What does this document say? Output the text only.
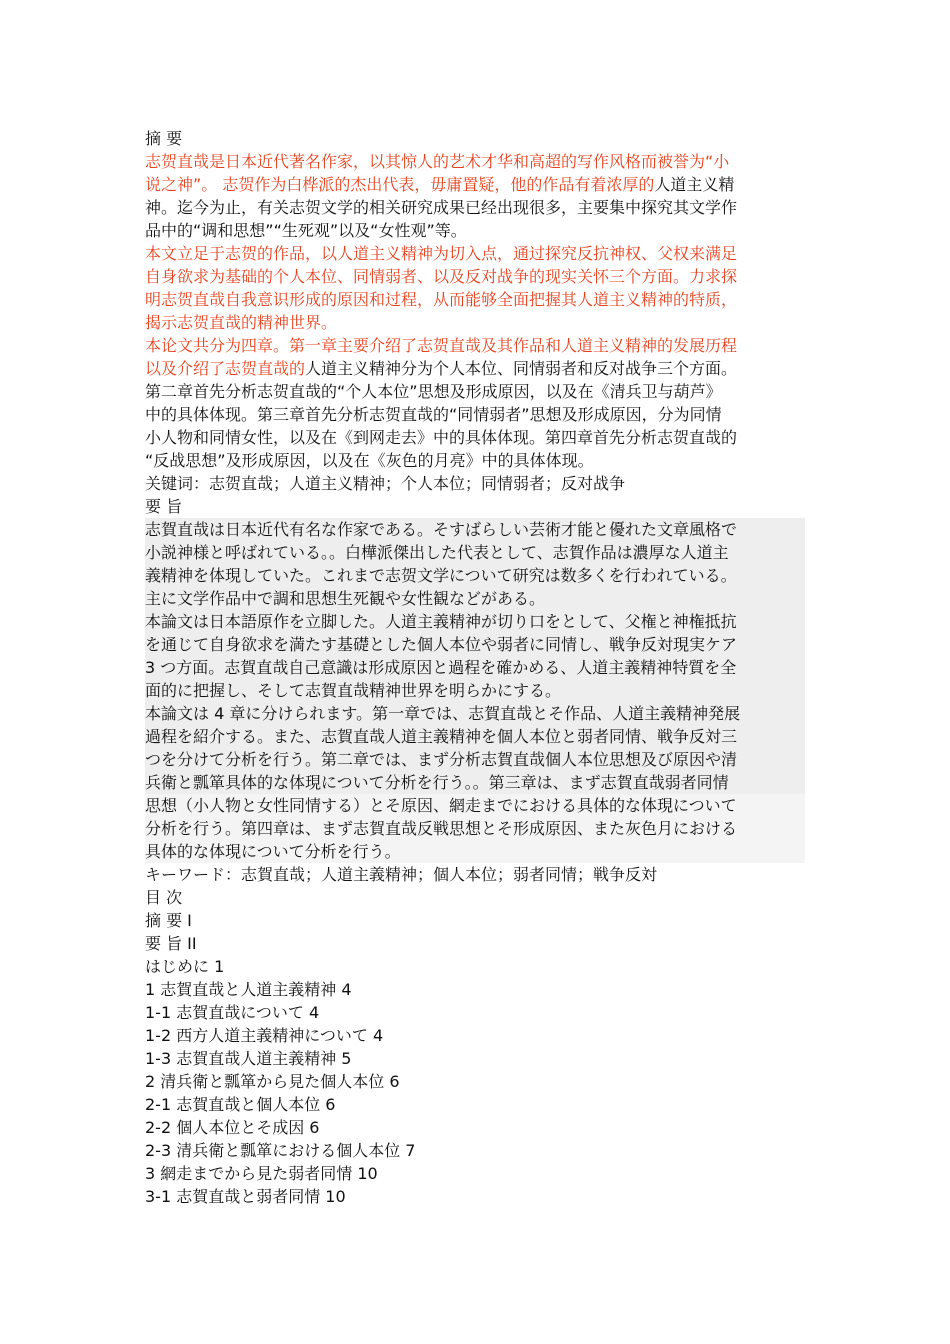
摘 要
志贺直哉是日本近代著名作家，以其惊人的艺术才华和高超的写作风格而被誉为“小
说之神”。 志贺作为白桦派的杰出代表，毋庸置疑，他的作品有着浓厚的人道主义精
神。迄今为止，有关志贺文学的相关研究成果已经出现很多，主要集中探究其文学作
品中的“调和思想”“生死观”以及“女性观”等。
本文立足于志贺的作品，以人道主义精神为切入点，通过探究反抗神权、父权来满足
自身欲求为基础的个人本位、同情弱者、以及反对战争的现实关怀三个方面。力求探
明志贺直哉自我意识形成的原因和过程，从而能够全面把握其人道主义精神的特质，
揭示志贺直哉的精神世界。
本论文共分为四章。第一章主要介绍了志贺直哉及其作品和人道主义精神的发展历程
以及介绍了志贺直哉的人道主义精神分为个人本位、同情弱者和反对战争三个方面。
第二章首先分析志贺直哉的“个人本位”思想及形成原因，以及在《清兵卫与葫芦》
中的具体体现。第三章首先分析志贺直哉的“同情弱者”思想及形成原因，分为同情
小人物和同情女性，以及在《到网走去》中的具体体现。第四章首先分析志贺直哉的
“反战思想”及形成原因，以及在《灰色的月亮》中的具体体现。
关键词：志贺直哉；人道主义精神；个人本位；同情弱者；反对战争
要 旨
志賀直哉は日本近代有名な作家である。そすばらしい芸術才能と優れた文章風格で
小説神様と呼ばれている。。白樺派傑出した代表として、志賀作品は濃厚な人道主
義精神を体現していた。これまで志贺文学について研究は数多くを行われている。
主に文学作品中で調和思想生死観や女性観などがある。
本論文は日本語原作を立脚した。人道主義精神が切り口をとして、父権と神権抵抗
を通じて自身欲求を満たす基礎とした個人本位や弱者に同情し、戦争反対現実ケア
3 つ方面。志賀直哉自己意識は形成原因と過程を確かめる、人道主義精神特質を全
面的に把握し、そして志賀直哉精神世界を明らかにする。
本論文は 4 章に分けられます。第一章では、志賀直哉とそ作品、人道主義精神発展
過程を紹介する。また、志賀直哉人道主義精神を個人本位と弱者同情、戦争反対三
つを分けて分析を行う。第二章では、まず分析志賀直哉個人本位思想及び原因や清
兵衛と瓢箪具体的な体現について分析を行う。。第三章は、まず志賀直哉弱者同情
思想（小人物と女性同情する）とそ原因、網走までにおける具体的な体現について
分析を行う。第四章は、まず志賀直哉反戦思想とそ形成原因、また灰色月における
具体的な体現について分析を行う。
キーワード：志賀直哉；人道主義精神；個人本位；弱者同情；戦争反対
目 次
摘 要 I
要 旨 II
はじめに 1
1 志賀直哉と人道主義精神 4
1-1 志賀直哉について 4
1-2 西方人道主義精神について 4
1-3 志賀直哉人道主義精神 5
2 清兵衛と瓢箪から見た個人本位 6
2-1 志賀直哉と個人本位 6
2-2 個人本位とそ成因 6
2-3 清兵衛と瓢箪における個人本位 7
3 網走までから見た弱者同情 10
3-1 志賀直哉と弱者同情 10
